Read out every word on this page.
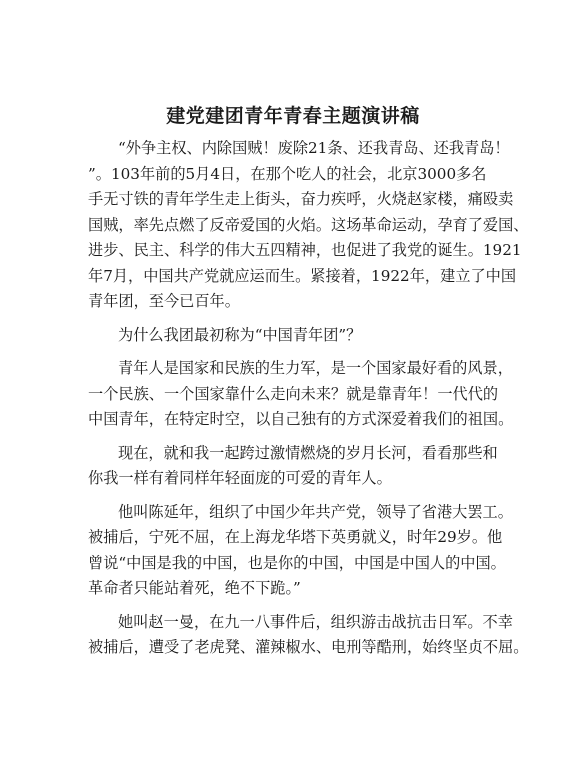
建党建团青年青春主题演讲稿

“外争主权、内除国贼！废除21条、还我青岛、还我青岛！
”。103年前的5月4日，在那个吃人的社会，北京3000多名
手无寸铁的青年学生走上街头，奋力疾呼，火烧赵家楼，痛殴卖
国贼，率先点燃了反帝爱国的火焰。这场革命运动，孕育了爱国、
进步、民主、科学的伟大五四精神，也促进了我党的诞生。1921
年7月，中国共产党就应运而生。紧接着，1922年，建立了中国
青年团，至今已百年。

为什么我团最初称为“中国青年团”？

青年人是国家和民族的生力军，是一个国家最好看的风景，
一个民族、一个国家靠什么走向未来？就是靠青年！一代代的
中国青年，在特定时空，以自己独有的方式深爱着我们的祖国。

现在，就和我一起跨过激情燃烧的岁月长河，看看那些和
你我一样有着同样年轻面庞的可爱的青年人。

他叫陈延年，组织了中国少年共产党，领导了省港大罢工。
被捕后，宁死不屈，在上海龙华塔下英勇就义，时年29岁。他
曾说“中国是我的中国，也是你的中国，中国是中国人的中国。
革命者只能站着死，绝不下跪。”

她叫赵一曼，在九一八事件后，组织游击战抗击日军。不幸
被捕后，遭受了老虎凳、灌辣椒水、电刑等酷刑，始终坚贞不屈。
